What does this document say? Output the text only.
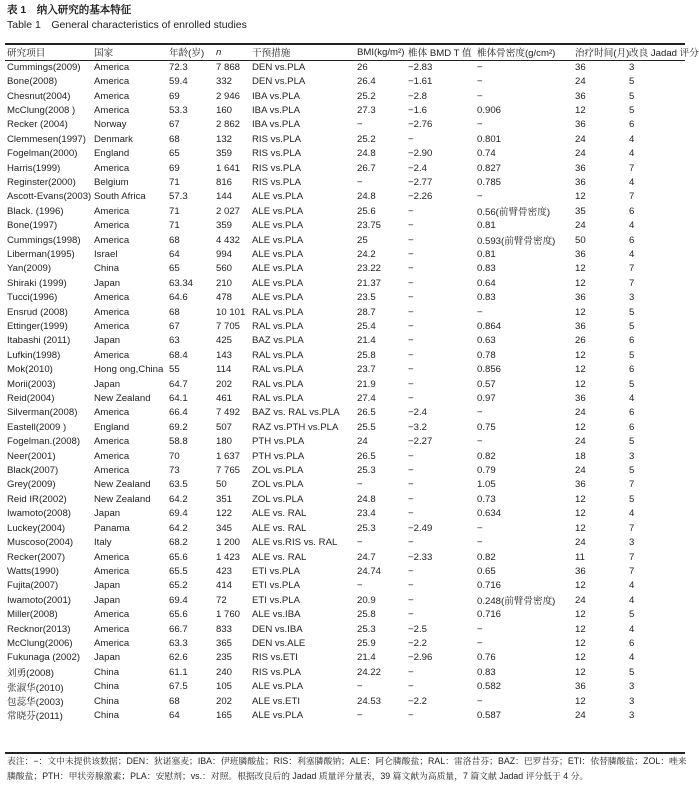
表 1　纳入研究的基本特征
Table 1　General characteristics of enrolled studies
研究项目	国家	年龄(岁)	n	干预措施	BMI(kg/m²)	椎体 BMD T 值	椎体骨密度(g/cm²)	治疗时间(月)	改良 Jadad 评分
Cummings(2009)	America	72.3	7 868	DEN vs.PLA	26	−2.83	−	36	3
Bone(2008)	America	59.4	332	DEN vs.PLA	26.4	−1.61	−	24	5
Chesnut(2004)	America	69	2 946	IBA vs.PLA	25.2	−2.8	−	36	5
McClung(2008 )	America	53.3	160	IBA vs.PLA	27.3	−1.6	0.906	12	5
Recker (2004)	Norway	67	2 862	IBA vs.PLA	−	−2.76	−	36	6
Clemmesen(1997)	Denmark	68	132	RIS vs.PLA	25.2	−	0.801	24	4
Fogelman(2000)	England	65	359	RIS vs.PLA	24.8	−2.90	0.74	24	4
Harris(1999)	America	69	1 641	RIS vs.PLA	26.7	−2.4	0.827	36	7
Reginster(2000)	Belgium	71	816	RIS vs.PLA	−	−2.77	0.785	36	4
Ascott-Evans(2003)	South Africa	57.3	144	ALE vs.PLA	24.8	−2.26	−	12	7
Black. (1996)	America	71	2 027	ALE vs.PLA	25.6	−	0.56(前臂骨密度)	35	6
Bone(1997)	America	71	359	ALE vs.PLA	23.75	−	0.81	24	4
Cummings(1998)	America	68	4 432	ALE vs.PLA	25	−	0.593(前臂骨密度)	50	6
Liberman(1995)	Israel	64	994	ALE vs.PLA	24.2	−	0.81	36	4
Yan(2009)	China	65	560	ALE vs.PLA	23.22	−	0.83	12	7
Shiraki (1999)	Japan	63.34	210	ALE vs.PLA	21.37	−	0.64	12	7
Tucci(1996)	America	64.6	478	ALE vs.PLA	23.5	−	0.83	36	3
Ensrud (2008)	America	68	10 101	RAL vs.PLA	28.7	−	−	12	5
Ettinger(1999)	America	67	7 705	RAL vs.PLA	25.4	−	0.864	36	5
Itabashi (2011)	Japan	63	425	BAZ vs.PLA	21.4	−	0.63	26	6
Lufkin(1998)	America	68.4	143	RAL vs.PLA	25.8	−	0.78	12	5
Mok(2010)	Hong ong,China	55	114	RAL vs.PLA	23.7	−	0.856	12	6
Morii(2003)	Japan	64.7	202	RAL vs.PLA	21.9	−	0.57	12	5
Reid(2004)	New Zealand	64.1	461	RAL vs.PLA	27.4	−	0.97	36	4
Silverman(2008)	America	66.4	7 492	BAZ vs. RAL vs.PLA	26.5	−2.4	−	24	6
Eastell(2009 )	England	69.2	507	RAZ vs.PTH vs.PLA	25.5	−3.2	0.75	12	6
Fogelman.(2008)	America	58.8	180	PTH vs.PLA	24	−2.27	−	24	5
Neer(2001)	America	70	1 637	PTH vs.PLA	26.5	−	0.82	18	3
Black(2007)	America	73	7 765	ZOL vs.PLA	25.3	−	0.79	24	5
Grey(2009)	New Zealand	63.5	50	ZOL vs.PLA	−	−	1.05	36	7
Reid IR(2002)	New Zealand	64.2	351	ZOL vs.PLA	24.8	−	0.73	12	5
Iwamoto(2008)	Japan	69.4	122	ALE vs. RAL	23.4	−	0.634	12	4
Luckey(2004)	Panama	64.2	345	ALE vs. RAL	25.3	−2.49	−	12	7
Muscoso(2004)	Italy	68.2	1 200	ALE vs.RIS vs. RAL	−	−	−	24	3
Recker(2007)	America	65.6	1 423	ALE vs. RAL	24.7	−2.33	0.82	11	7
Watts(1990)	America	65.5	423	ETI vs.PLA	24.74	−	0.65	36	7
Fujita(2007)	Japan	65.2	414	ETI vs.PLA	−	−	0.716	12	4
Iwamoto(2001)	Japan	69.4	72	ETI vs.PLA	20.9	−	0.248(前臂骨密度)	24	4
Miller(2008)	America	65.6	1 760	ALE vs.IBA	25.8	−	0.716	12	5
Recknor(2013)	America	66.7	833	DEN vs.IBA	25.3	−2.5	−	12	4
McClung(2006)	America	63.3	365	DEN vs.ALE	25.9	−2.2	−	12	6
Fukunaga (2002)	Japan	62.6	235	RIS vs.ETI	21.4	−2.96	0.76	12	4
刘勇(2008)	China	61.1	240	RIS vs.PLA	24.22	−	0.83	12	5
张淑华(2010)	China	67.5	105	ALE vs.PLA	−	−	0.582	36	3
包蕊华(2003)	China	68	202	ALE vs.ETI	24.53	−2.2	−	12	3
常晓芬(2011)	China	64	165	ALE vs.PLA	−	−	0.587	24	3
表注：−：文中未提供该数据；DEN：狄诺塞麦；IBA：伊班膦酸盐；RIS：利塞膦酸钠；ALE：阿仑膦酸盐；RAL：雷洛昔芬；BAZ：巴罗昔芬；ETI：依替膦酸盐；ZOL：唑来膦酸盐；PTH：甲状旁腺激素；PLA：安慰剂；vs.：对照。根据改良后的 Jadad 质量评分量表，39 篇文献为高质量，7 篇文献 Jadad 评分低于 4 分。
